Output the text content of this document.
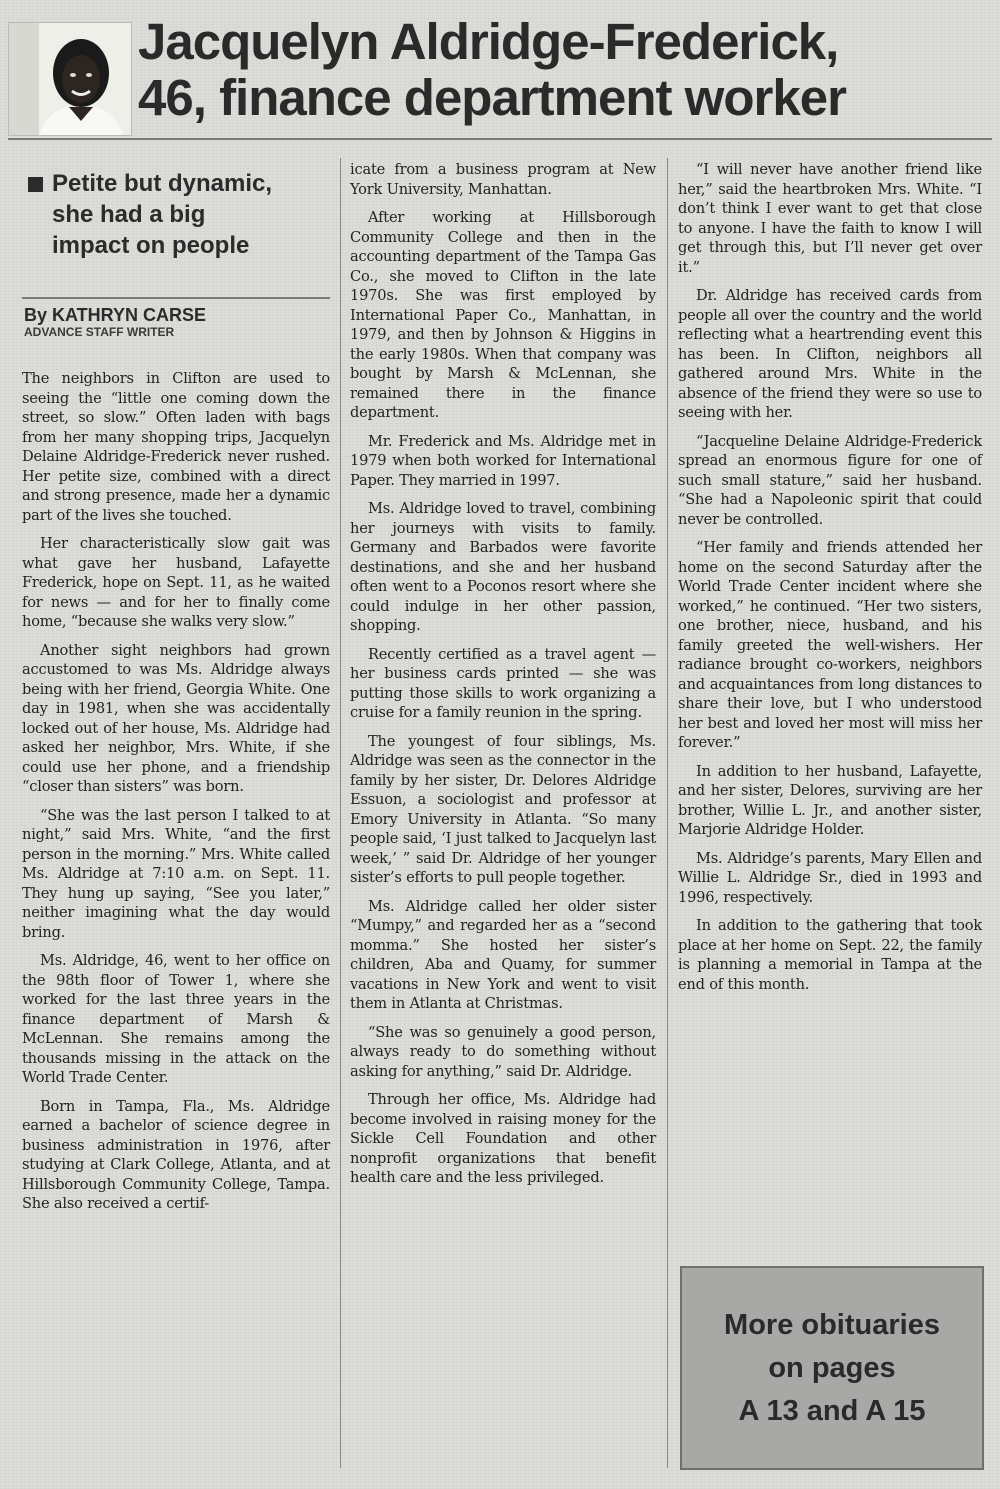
Jacquelyn Aldridge-Frederick,
46, finance department worker
Petite but dynamic,
she had a big
impact on people
By KATHRYN CARSE
ADVANCE STAFF WRITER

The neighbors in Clifton are used to seeing the “little one coming down the street, so slow.” Often laden with bags from her many shopping trips, Jacquelyn Delaine Aldridge-Frederick never rushed. Her petite size, combined with a direct and strong presence, made her a dynamic part of the lives she touched.

Her characteristically slow gait was what gave her husband, Lafayette Frederick, hope on Sept. 11, as he waited for news — and for her to finally come home, “because she walks very slow.”

Another sight neighbors had grown accustomed to was Ms. Aldridge always being with her friend, Georgia White. One day in 1981, when she was accidentally locked out of her house, Ms. Aldridge had asked her neighbor, Mrs. White, if she could use her phone, and a friendship “closer than sisters” was born.

“She was the last person I talked to at night,” said Mrs. White, “and the first person in the morning.” Mrs. White called Ms. Aldridge at 7:10 a.m. on Sept. 11. They hung up saying, “See you later,” neither imagining what the day would bring.

Ms. Aldridge, 46, went to her office on the 98th floor of Tower 1, where she worked for the last three years in the finance department of Marsh & McLennan. She remains among the thousands missing in the attack on the World Trade Center.

Born in Tampa, Fla., Ms. Aldridge earned a bachelor of science degree in business administration in 1976, after studying at Clark College, Atlanta, and at Hillsborough Community College, Tampa. She also received a certif-

icate from a business program at New York University, Manhattan.

After working at Hillsborough Community College and then in the accounting department of the Tampa Gas Co., she moved to Clifton in the late 1970s. She was first employed by International Paper Co., Manhattan, in 1979, and then by Johnson & Higgins in the early 1980s. When that company was bought by Marsh & McLennan, she remained there in the finance department.

Mr. Frederick and Ms. Aldridge met in 1979 when both worked for International Paper. They married in 1997.

Ms. Aldridge loved to travel, combining her journeys with visits to family. Germany and Barbados were favorite destinations, and she and her husband often went to a Poconos resort where she could indulge in her other passion, shopping.

Recently certified as a travel agent — her business cards printed — she was putting those skills to work organizing a cruise for a family reunion in the spring.

The youngest of four siblings, Ms. Aldridge was seen as the connector in the family by her sister, Dr. Delores Aldridge Essuon, a sociologist and professor at Emory University in Atlanta. “So many people said, ‘I just talked to Jacquelyn last week,’ ” said Dr. Aldridge of her younger sister’s efforts to pull people together.

Ms. Aldridge called her older sister “Mumpy,” and regarded her as a “second momma.” She hosted her sister’s children, Aba and Quamy, for summer vacations in New York and went to visit them in Atlanta at Christmas.

“She was so genuinely a good person, always ready to do something without asking for anything,” said Dr. Aldridge.

Through her office, Ms. Aldridge had become involved in raising money for the Sickle Cell Foundation and other nonprofit organizations that benefit health care and the less privileged.

“I will never have another friend like her,” said the heartbroken Mrs. White. “I don’t think I ever want to get that close to anyone. I have the faith to know I will get through this, but I’ll never get over it.”

Dr. Aldridge has received cards from people all over the country and the world reflecting what a heartrending event this has been. In Clifton, neighbors all gathered around Mrs. White in the absence of the friend they were so use to seeing with her.

“Jacqueline Delaine Aldridge-Frederick spread an enormous figure for one of such small stature,” said her husband. “She had a Napoleonic spirit that could never be controlled.

“Her family and friends attended her home on the second Saturday after the World Trade Center incident where she worked,” he continued. “Her two sisters, one brother, niece, husband, and his family greeted the well-wishers. Her radiance brought co-workers, neighbors and acquaintances from long distances to share their love, but I who understood her best and loved her most will miss her forever.”

In addition to her husband, Lafayette, and her sister, Delores, surviving are her brother, Willie L. Jr., and another sister, Marjorie Aldridge Holder.

Ms. Aldridge’s parents, Mary Ellen and Willie L. Aldridge Sr., died in 1993 and 1996, respectively.

In addition to the gathering that took place at her home on Sept. 22, the family is planning a memorial in Tampa at the end of this month.

More obituaries
on pages
A 13 and A 15
